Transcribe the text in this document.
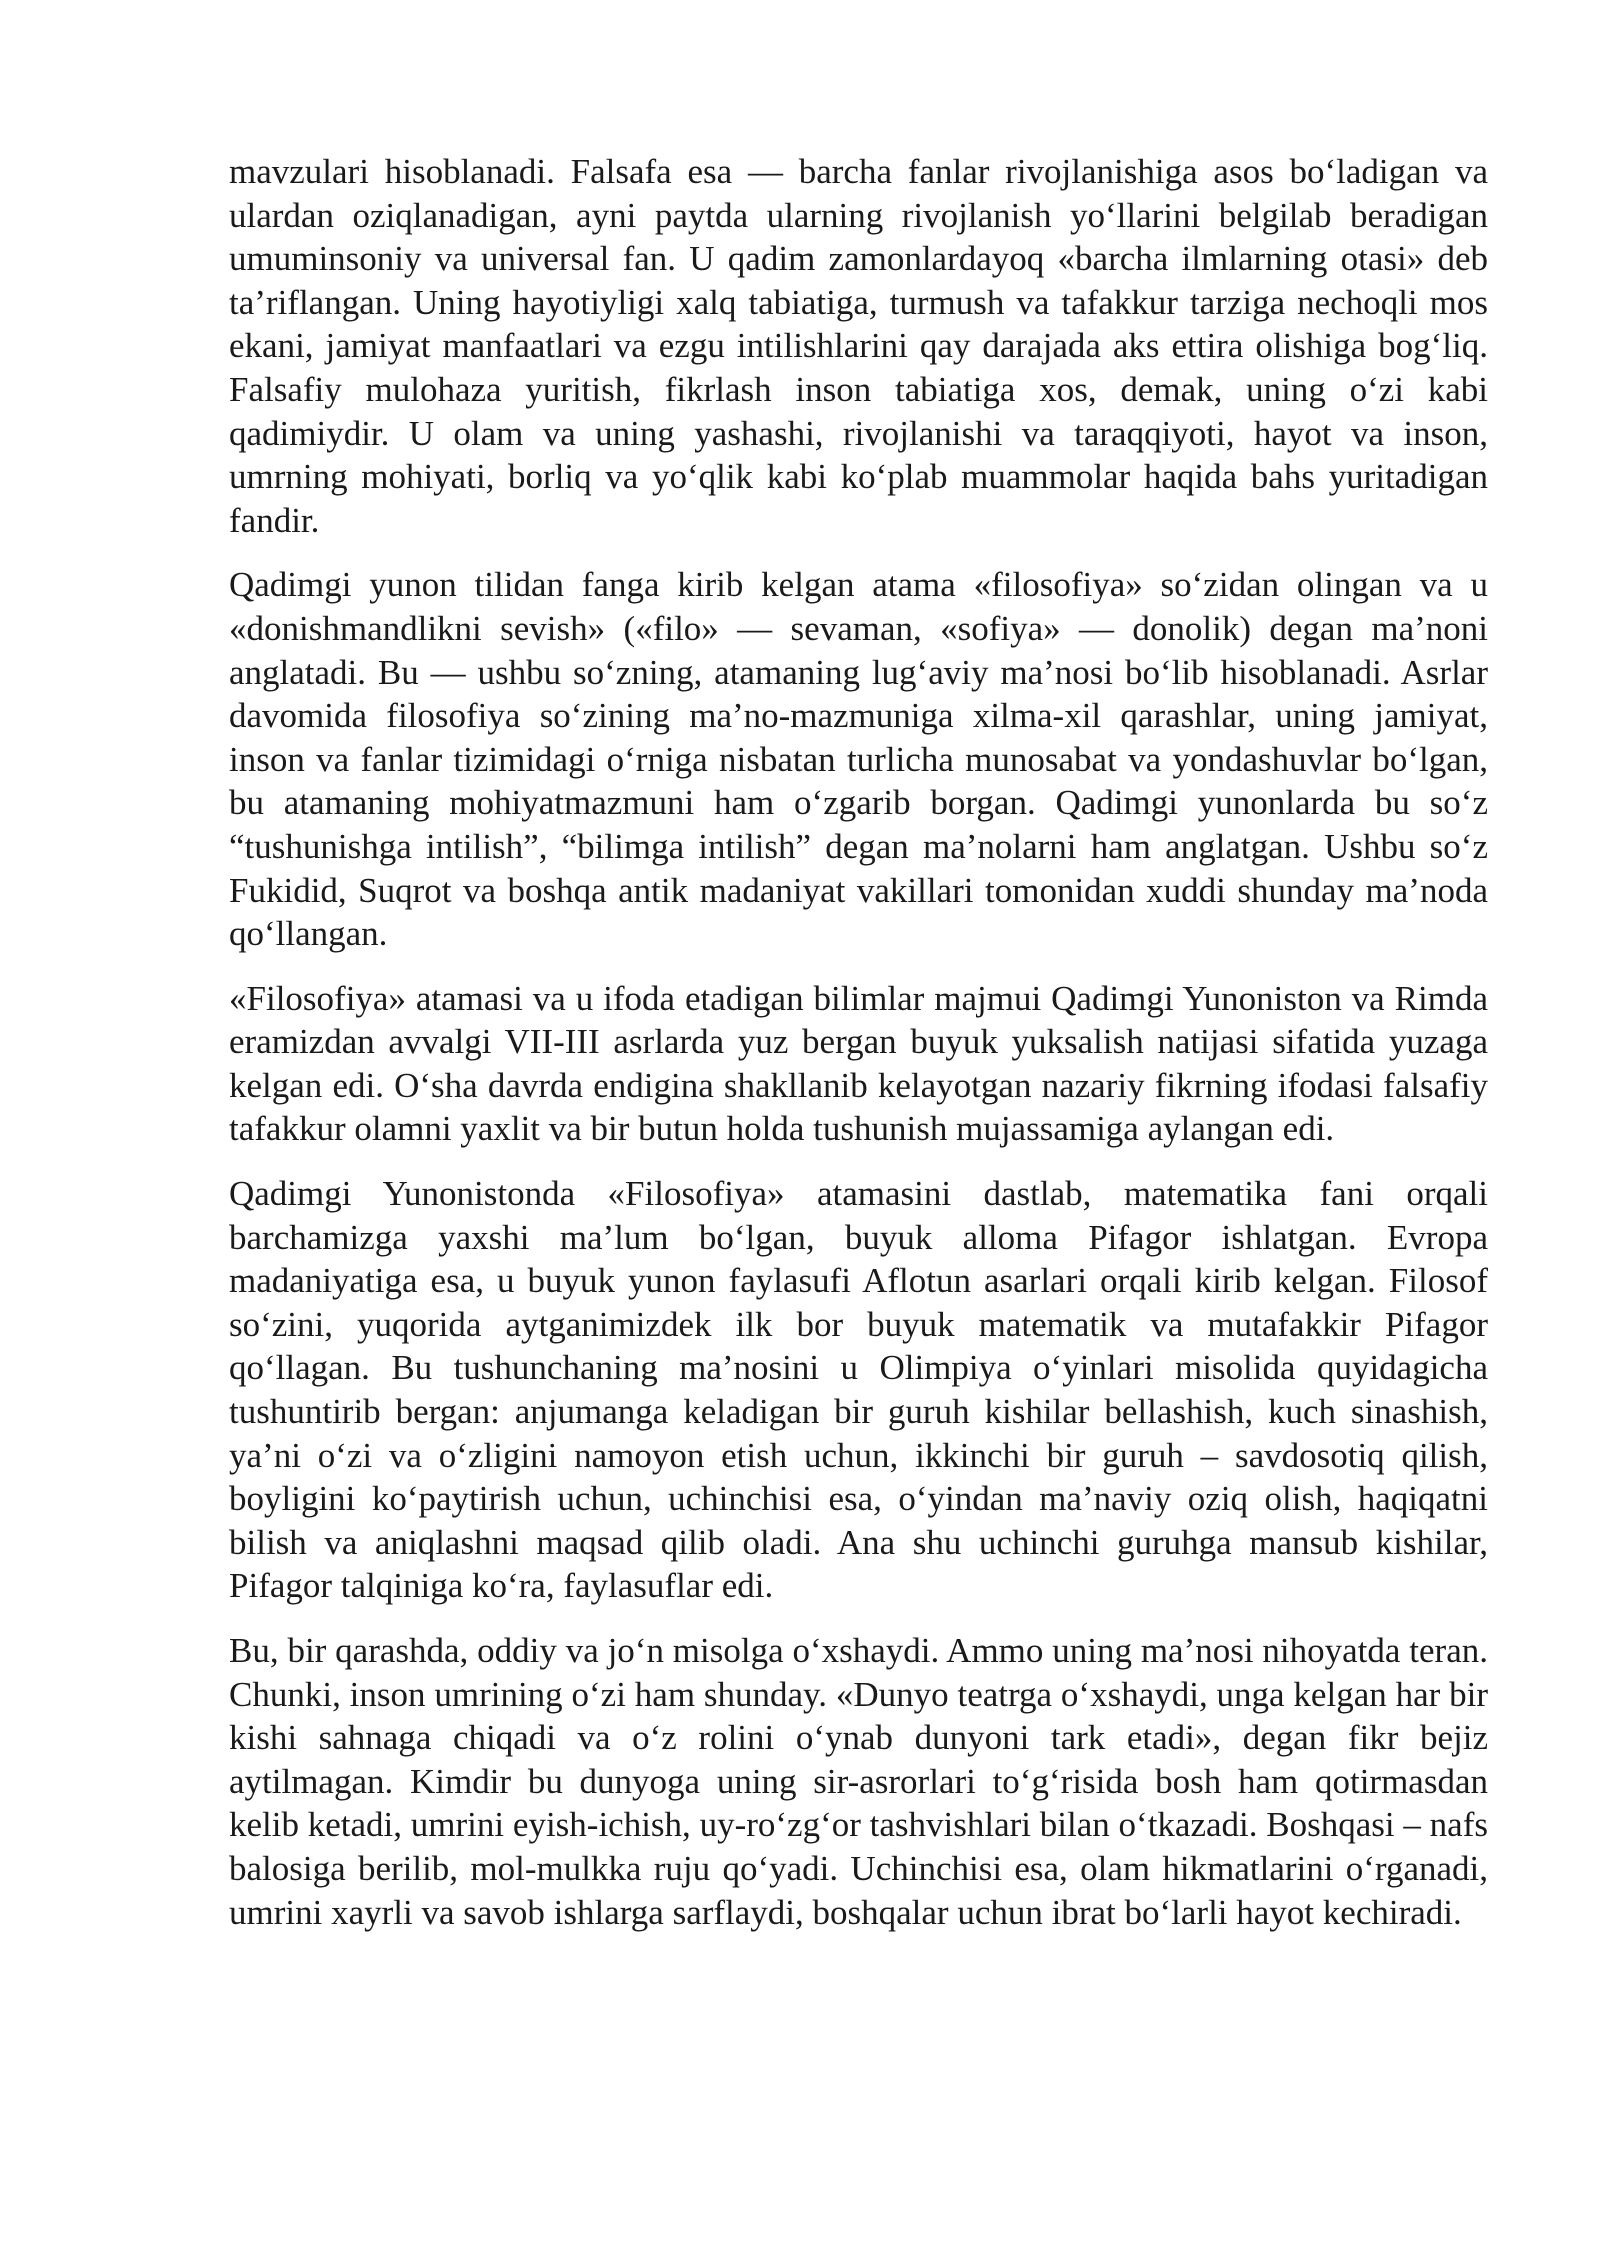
mavzulari hisoblanadi. Falsafa esa — barcha fanlar rivojlanishiga asos bo‘ladigan va ulardan oziqlanadigan, ayni paytda ularning rivojlanish yo‘llarini belgilab beradigan umuminsoniy va universal fan. U qadim zamonlardayoq «barcha ilmlarning otasi» deb ta’riflangan. Uning hayotiyligi xalq tabiatiga, turmush va tafakkur tarziga nechoqli mos ekani, jamiyat manfaatlari va ezgu intilishlarini qay darajada aks ettira olishiga bog‘liq. Falsafiy mulohaza yuritish, fikrlash inson tabiatiga xos, demak, uning o‘zi kabi qadimiydir. U olam va uning yashashi, rivojlanishi va taraqqiyoti, hayot va inson, umrning mohiyati, borliq va yo‘qlik kabi ko‘plab muammolar haqida bahs yuritadigan fandir.

Qadimgi yunon tilidan fanga kirib kelgan atama «filosofiya» so‘zidan olingan va u «donishmandlikni sevish» («filo» — sevaman, «sofiya» — donolik) degan ma’noni anglatadi. Bu — ushbu so‘zning, atamaning lug‘aviy ma’nosi bo‘lib hisoblanadi. Asrlar davomida filosofiya so‘zining ma’no-mazmuniga xilma-xil qarashlar, uning jamiyat, inson va fanlar tizimidagi o‘rniga nisbatan turlicha munosabat va yondashuvlar bo‘lgan, bu atamaning mohiyatmazmuni ham o‘zgarib borgan. Qadimgi yunonlarda bu so‘z “tushunishga intilish”, “bilimga intilish” degan ma’nolarni ham anglatgan. Ushbu so‘z Fukidid, Suqrot va boshqa antik madaniyat vakillari tomonidan xuddi shunday ma’noda qo‘llangan.

«Filosofiya» atamasi va u ifoda etadigan bilimlar majmui Qadimgi Yunoniston va Rimda eramizdan avvalgi VII-III asrlarda yuz bergan buyuk yuksalish natijasi sifatida yuzaga kelgan edi. O‘sha davrda endigina shakllanib kelayotgan nazariy fikrning ifodasi falsafiy tafakkur olamni yaxlit va bir butun holda tushunish mujassamiga aylangan edi.

Qadimgi Yunonistonda «Filosofiya» atamasini dastlab, matematika fani orqali barchamizga yaxshi ma’lum bo‘lgan, buyuk alloma Pifagor ishlatgan. Evropa madaniyatiga esa, u buyuk yunon faylasufi Aflotun asarlari orqali kirib kelgan. Filosof so‘zini, yuqorida aytganimizdek ilk bor buyuk matematik va mutafakkir Pifagor qo‘llagan. Bu tushunchaning ma’nosini u Olimpiya o‘yinlari misolida quyidagicha tushuntirib bergan: anjumanga keladigan bir guruh kishilar bellashish, kuch sinashish, ya’ni o‘zi va o‘zligini namoyon etish uchun, ikkinchi bir guruh – savdosotiq qilish, boyligini ko‘paytirish uchun, uchinchisi esa, o‘yindan ma’naviy oziq olish, haqiqatni bilish va aniqlashni maqsad qilib oladi. Ana shu uchinchi guruhga mansub kishilar, Pifagor talqiniga ko‘ra, faylasuflar edi.

Bu, bir qarashda, oddiy va jo‘n misolga o‘xshaydi. Ammo uning ma’nosi nihoyatda teran. Chunki, inson umrining o‘zi ham shunday. «Dunyo teatrga o‘xshaydi, unga kelgan har bir kishi sahnaga chiqadi va o‘z rolini o‘ynab dunyoni tark etadi», degan fikr bejiz aytilmagan. Kimdir bu dunyoga uning sir-asrorlari to‘g‘risida bosh ham qotirmasdan kelib ketadi, umrini eyish-ichish, uy-ro‘zg‘or tashvishlari bilan o‘tkazadi. Boshqasi – nafs balosiga berilib, mol-mulkka ruju qo‘yadi. Uchinchisi esa, olam hikmatlarini o‘rganadi, umrini xayrli va savob ishlarga sarflaydi, boshqalar uchun ibrat bo‘larli hayot kechiradi.
